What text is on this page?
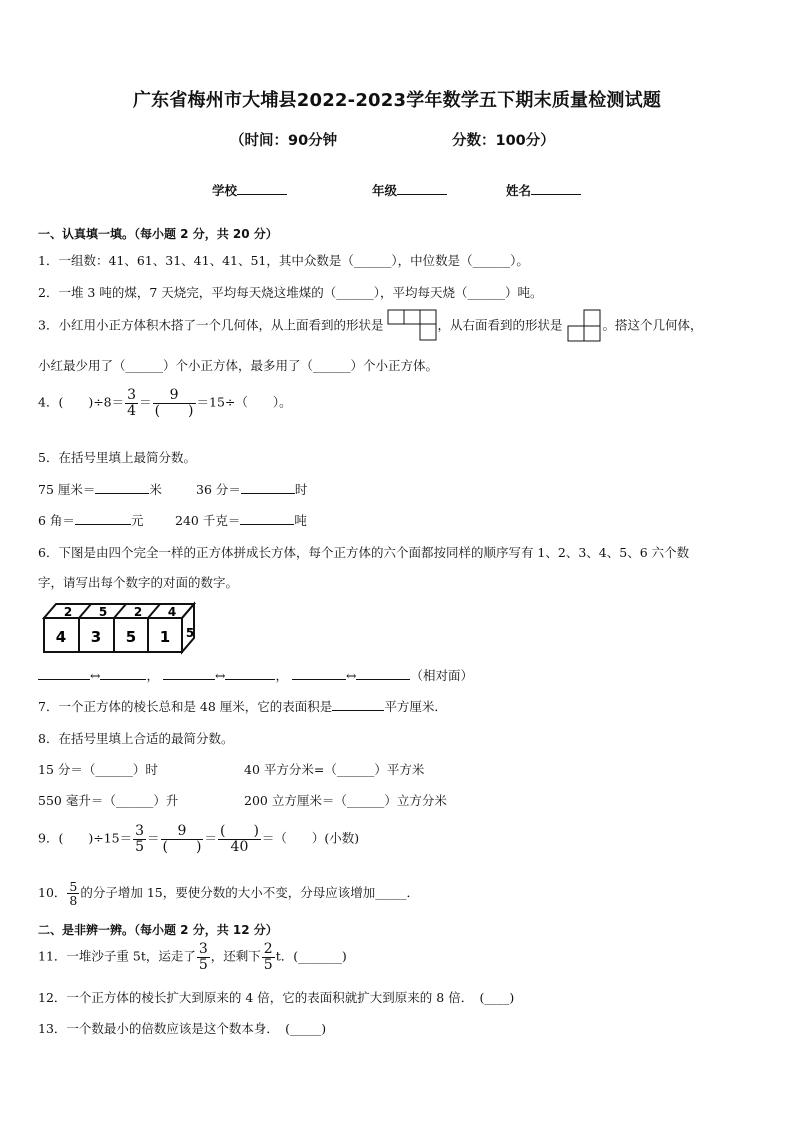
广东省梅州市大埔县2022-2023学年数学五下期末质量检测试题
（时间：90分钟	分数：100分）
学校	年级	姓名
一、认真填一填。（每小题 2 分，共 20 分）
1．一组数：41、61、31、41、41、51，其中众数是（______），中位数是（______）。
2．一堆 3 吨的煤，7 天烧完，平均每天烧这堆煤的（______），平均每天烧（______）吨。
3．小红用小正方体积木搭了一个几何体，从上面看到的形状是	，从右面看到的形状是	。搭这个几何体，
小红最少用了（______）个小正方体，最多用了（______）个小正方体。
4．(　　)$\div 8= \frac{3}{4} = \frac{9}{( )} =15\div$（　　）。
5．在括号里填上最简分数。
75 厘米＝	米	36 分＝	时
6 角＝	元	240 千克＝	吨
6．下图是由四个完全一样的正方体拼成长方体，每个正方体的六个面都按同样的顺序写有 1、2、3、4、5、6 六个数
字，请写出每个数字的对面的数字。
4 3 5 1
2 5 2 4
5
↔	，	↔	，	↔	（相对面）
7．一个正方体的棱长总和是 48 厘米，它的表面积是	平方厘米．
8．在括号里填上合适的最简分数。
15 分＝（______）时	40 平方分米=（______）平方米
550 毫升＝（______）升	200 立方厘米＝（______）立方分米
9．(　　)$\div 15= \frac{3}{5} = \frac{9}{( )} = \frac{( )}{40}$ ＝（　　）(小数)
10． $\frac{5}{8}$ 的分子增加 15，要使分数的大小不变，分母应该增加_____．
二、是非辨一辨。（每小题 2 分，共 12 分）
11．一堆沙子重 5t，运走了 $\frac{3}{5}$ ，还剩下 $\frac{2}{5}$ t．(_______)
12．一个正方体的棱长扩大到原来的 4 倍，它的表面积就扩大到原来的 8 倍．　(____)
13．一个数最小的倍数应该是这个数本身．　(_____)
